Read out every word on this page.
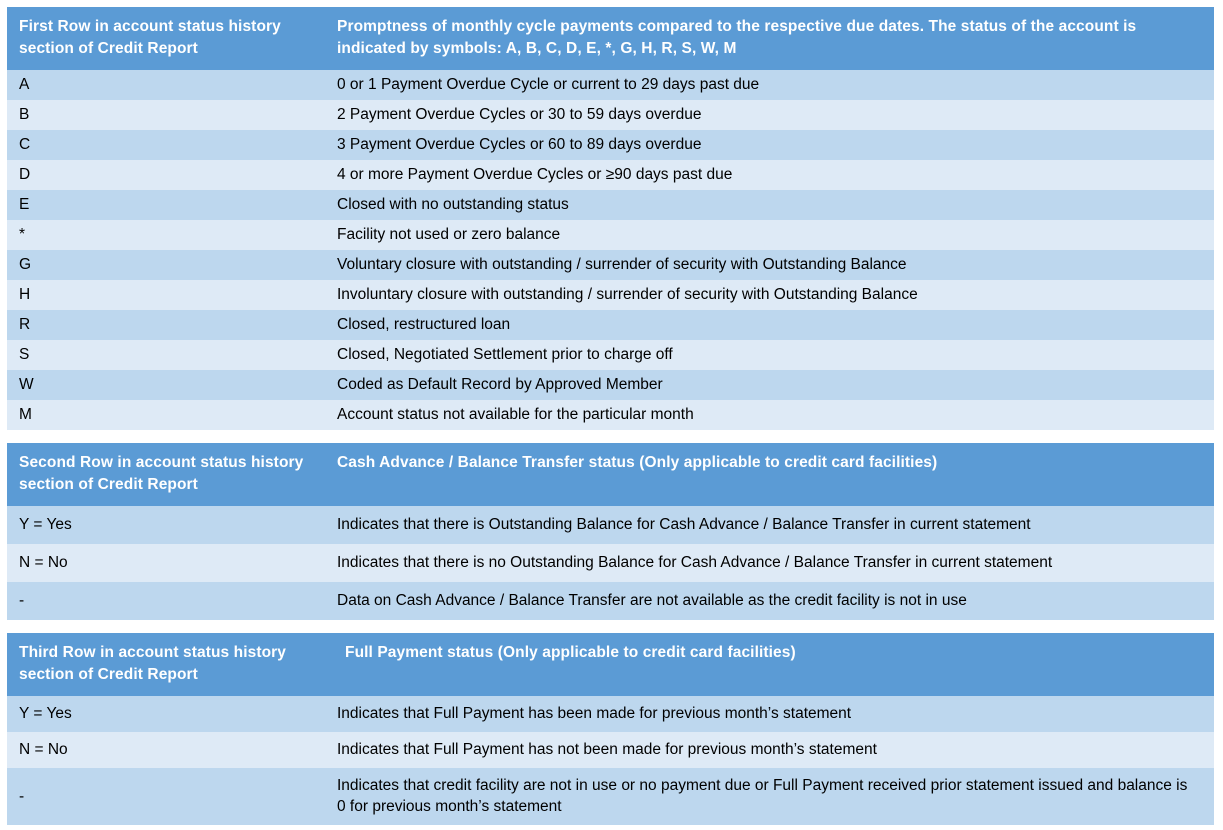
First Row in account status history section of Credit Report	Promptness of monthly cycle payments compared to the respective due dates. The status of the account is indicated by symbols: A, B, C, D, E, *, G, H, R, S, W, M
A	0 or 1 Payment Overdue Cycle or current to 29 days past due
B	2 Payment Overdue Cycles or 30 to 59 days overdue
C	3 Payment Overdue Cycles or 60 to 89 days overdue
D	4 or more Payment Overdue Cycles or ≥90 days past due
E	Closed with no outstanding status
*	Facility not used or zero balance
G	Voluntary closure with outstanding / surrender of security with Outstanding Balance
H	Involuntary closure with outstanding / surrender of security with Outstanding Balance
R	Closed, restructured loan
S	Closed, Negotiated Settlement prior to charge off
W	Coded as Default Record by Approved Member
M	Account status not available for the particular month
Second Row in account status history section of Credit Report	Cash Advance / Balance Transfer status (Only applicable to credit card facilities)
Y = Yes	Indicates that there is Outstanding Balance for Cash Advance / Balance Transfer in current statement
N = No	Indicates that there is no Outstanding Balance for Cash Advance / Balance Transfer in current statement
-	Data on Cash Advance / Balance Transfer are not available as the credit facility is not in use
Third Row in account status history section of Credit Report	Full Payment status (Only applicable to credit card facilities)
Y = Yes	Indicates that Full Payment has been made for previous month’s statement
N = No	Indicates that Full Payment has not been made for previous month’s statement
-	Indicates that credit facility are not in use or no payment due or Full Payment received prior statement issued and balance is 0 for previous month’s statement
